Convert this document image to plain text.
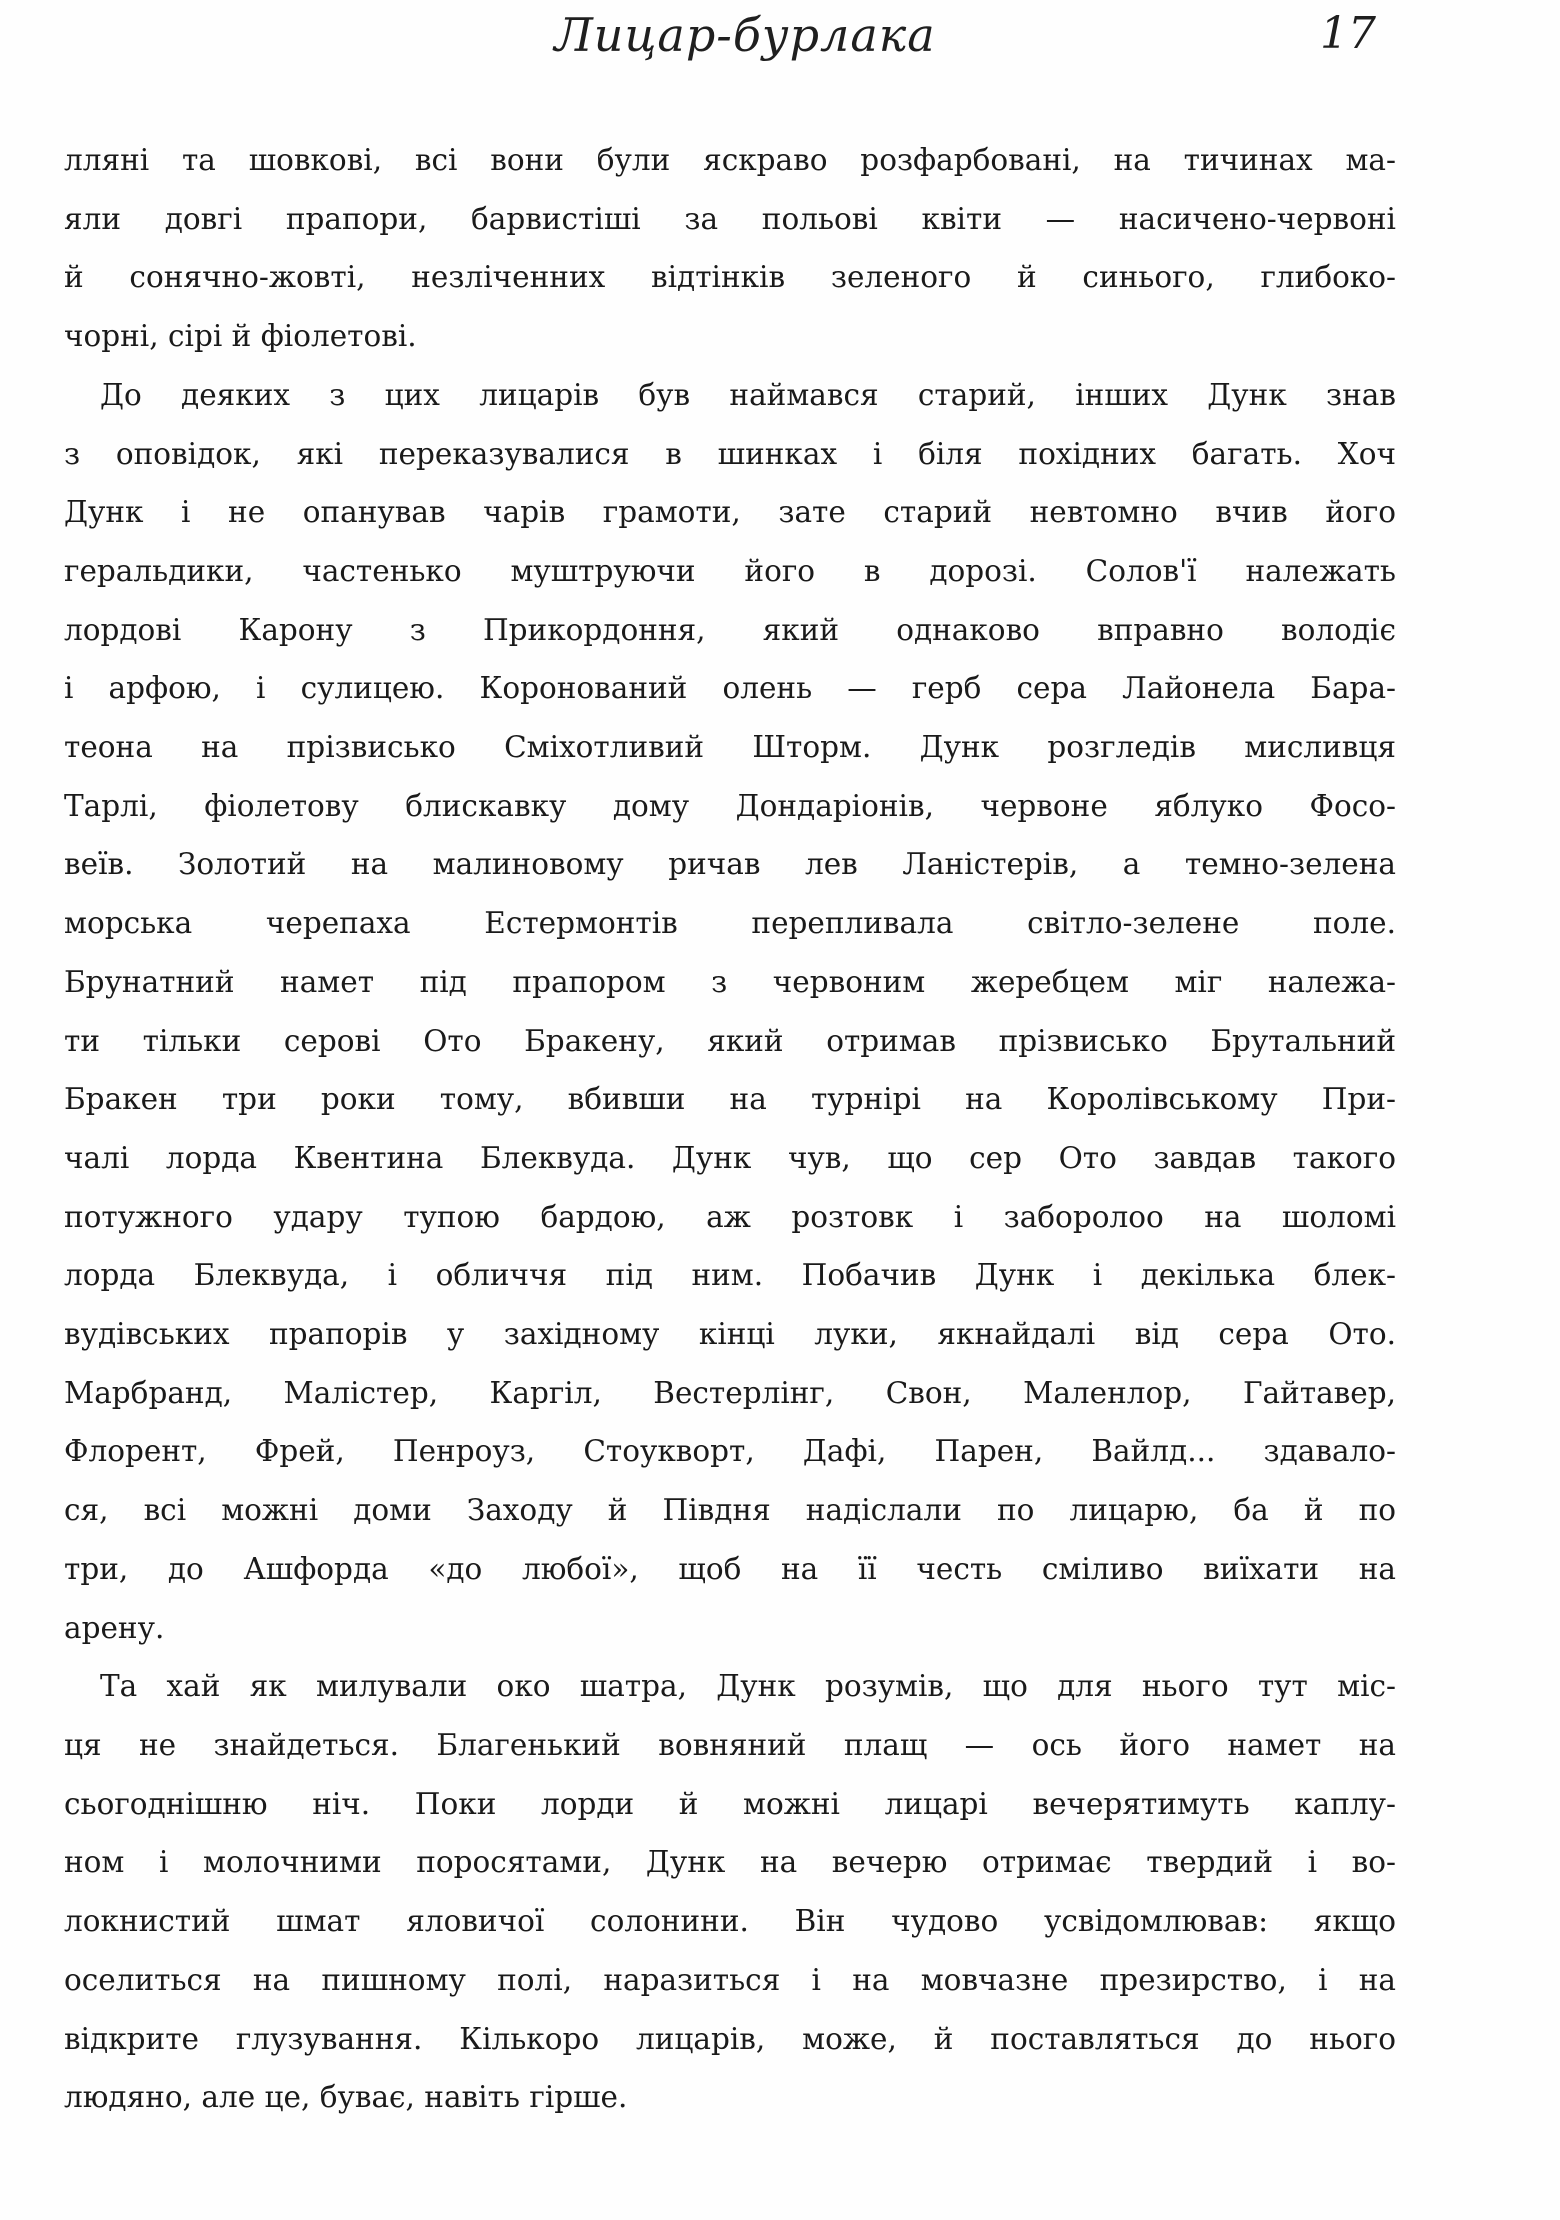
Лицар-бурлака	17
лляні та шовкові, всі вони були яскраво розфарбовані, на тичинах ма-
яли довгі прапори, барвистіші за польові квіти — насичено-червоні
й сонячно-жовті, незліченних відтінків зеленого й синього, глибоко-
чорні, сірі й фіолетові.
До деяких з цих лицарів був наймався старий, інших Дунк знав
з оповідок, які переказувалися в шинках і біля похідних багать. Хоч
Дунк і не опанував чарів грамоти, зате старий невтомно вчив його
геральдики, частенько муштруючи його в дорозі. Солов'ї належать
лордові Карону з Прикордоння, який однаково вправно володіє
і арфою, і сулицею. Коронований олень — герб сера Лайонела Бара-
теона на прізвисько Сміхотливий Шторм. Дунк розгледів мисливця
Тарлі, фіолетову блискавку дому Дондаріонів, червоне яблуко Фосо-
веїв. Золотий на малиновому ричав лев Ланістерів, а темно-зелена
морська черепаха Естермонтів перепливала світло-зелене поле.
Брунатний намет під прапором з червоним жеребцем міг належа-
ти тільки серові Ото Бракену, який отримав прізвисько Брутальний
Бракен три роки тому, вбивши на турнірі на Королівському При-
чалі лорда Квентина Блеквуда. Дунк чув, що сер Ото завдав такого
потужного удару тупою бардою, аж розтовк і заборолоо на шоломі
лорда Блеквуда, і обличчя під ним. Побачив Дунк і декілька блек-
вудівських прапорів у західному кінці луки, якнайдалі від сера Ото.
Марбранд, Малістер, Каргіл, Вестерлінг, Свон, Маленлор, Гайтавер,
Флорент, Фрей, Пенроуз, Стоукворт, Дафі, Парен, Вайлд... здавало-
ся, всі можні доми Заходу й Півдня надіслали по лицарю, ба й по
три, до Ашфорда «до любої», щоб на її честь сміливо виїхати на
арену.
Та хай як милували око шатра, Дунк розумів, що для нього тут міс-
ця не знайдеться. Благенький вовняний плащ — ось його намет на
сьогоднішню ніч. Поки лорди й можні лицарі вечерятимуть каплу-
ном і молочними поросятами, Дунк на вечерю отримає твердий і во-
локнистий шмат яловичої солонини. Він чудово усвідомлював: якщо
оселиться на пишному полі, наразиться і на мовчазне презирство, і на
відкрите глузування. Кількоро лицарів, може, й поставляться до нього
людяно, але це, буває, навіть гірше.
